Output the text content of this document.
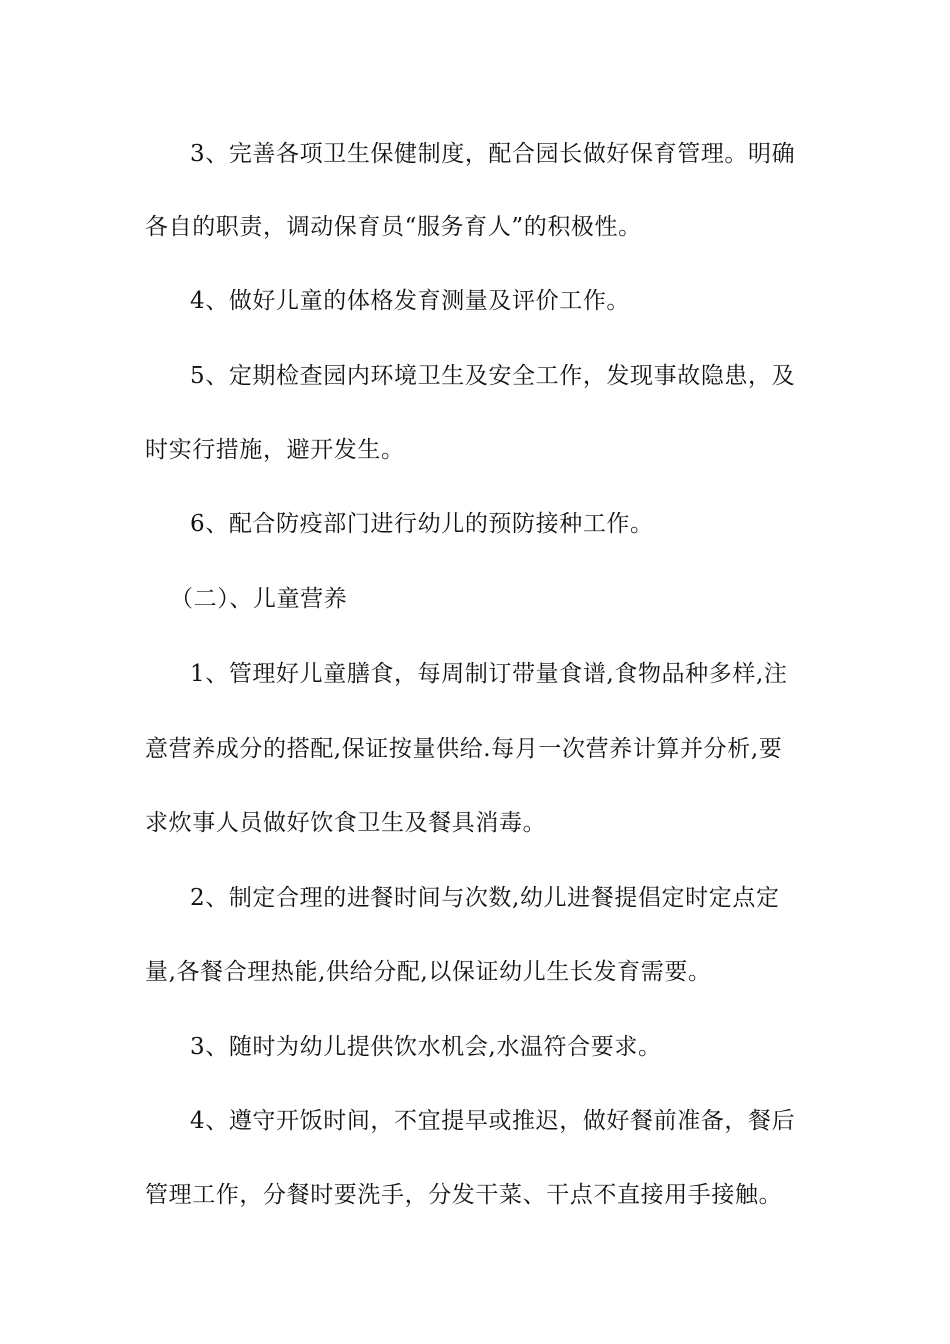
3、完善各项卫生保健制度，配合园长做好保育管理。明确
各自的职责，调动保育员“服务育人”的积极性。
4、做好儿童的体格发育测量及评价工作。
5、定期检查园内环境卫生及安全工作，发现事故隐患，及
时实行措施，避开发生。
6、配合防疫部门进行幼儿的预防接种工作。
（二）、儿童营养
1、管理好儿童膳食，每周制订带量食谱,食物品种多样,注
意营养成分的搭配,保证按量供给.每月一次营养计算并分析,要
求炊事人员做好饮食卫生及餐具消毒。
2、制定合理的进餐时间与次数,幼儿进餐提倡定时定点定
量,各餐合理热能,供给分配,以保证幼儿生长发育需要。
3、随时为幼儿提供饮水机会,水温符合要求。
4、遵守开饭时间，不宜提早或推迟，做好餐前准备，餐后
管理工作，分餐时要洗手，分发干菜、干点不直接用手接触。
